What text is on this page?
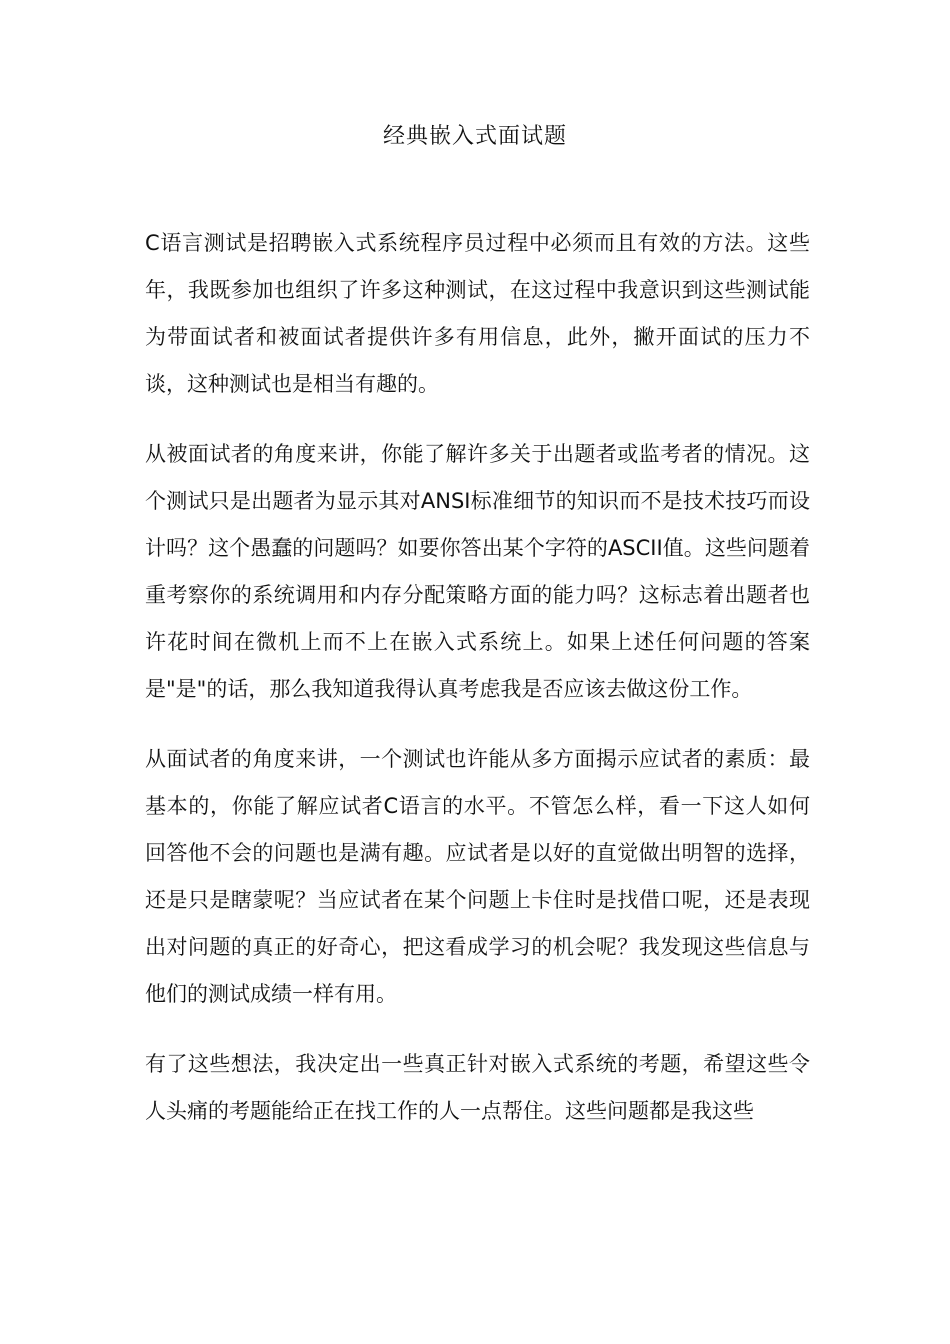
经典嵌入式面试题

C语言测试是招聘嵌入式系统程序员过程中必须而且有效的方法。这些年，我既参加也组织了许多这种测试，在这过程中我意识到这些测试能为带面试者和被面试者提供许多有用信息，此外，撇开面试的压力不谈，这种测试也是相当有趣的。

从被面试者的角度来讲，你能了解许多关于出题者或监考者的情况。这个测试只是出题者为显示其对ANSI标准细节的知识而不是技术技巧而设计吗？这个愚蠢的问题吗？如要你答出某个字符的ASCII值。这些问题着重考察你的系统调用和内存分配策略方面的能力吗？这标志着出题者也许花时间在微机上而不上在嵌入式系统上。如果上述任何问题的答案是"是"的话，那么我知道我得认真考虑我是否应该去做这份工作。

从面试者的角度来讲，一个测试也许能从多方面揭示应试者的素质：最基本的，你能了解应试者C语言的水平。不管怎么样，看一下这人如何回答他不会的问题也是满有趣。应试者是以好的直觉做出明智的选择，还是只是瞎蒙呢？当应试者在某个问题上卡住时是找借口呢，还是表现出对问题的真正的好奇心，把这看成学习的机会呢？我发现这些信息与他们的测试成绩一样有用。

有了这些想法，我决定出一些真正针对嵌入式系统的考题，希望这些令人头痛的考题能给正在找工作的人一点帮住。这些问题都是我这些
